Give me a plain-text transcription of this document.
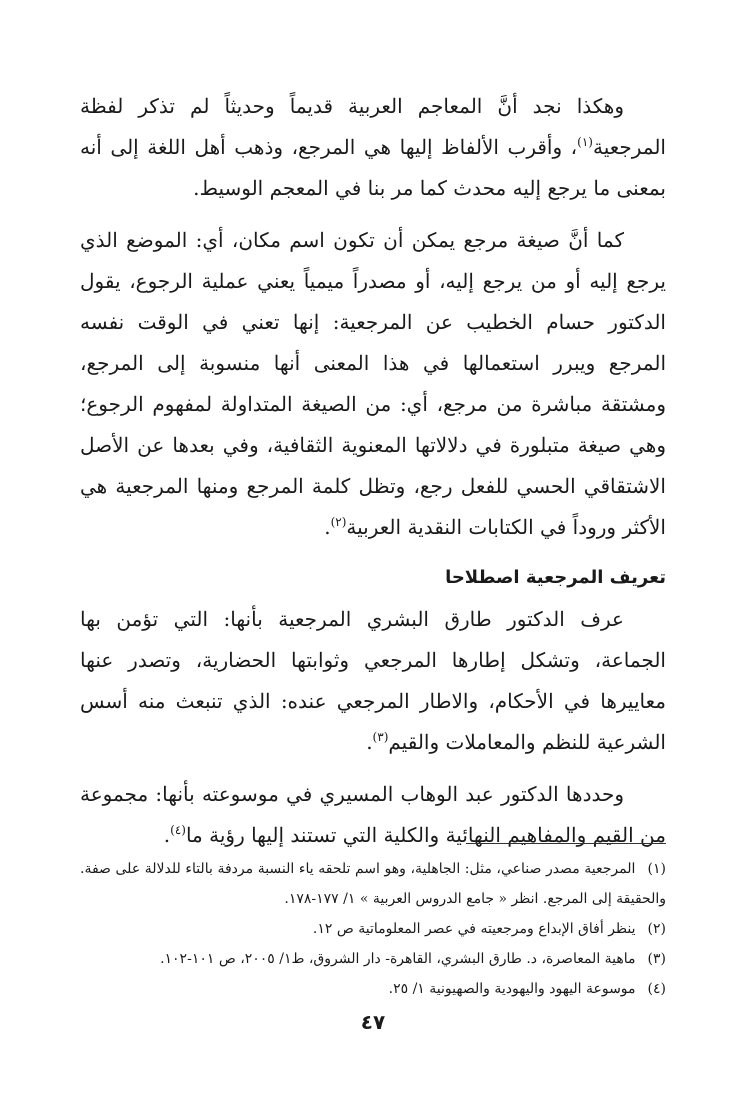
وهكذا نجد أنَّ المعاجم العربية قديماً وحديثاً لم تذكر لفظة المرجعية$^{(١)}$، وأقرب الألفاظ إليها هي المرجع، وذهب أهل اللغة إلى أنه بمعنى ما يرجع إليه محدث كما مر بنا في المعجم الوسيط.

كما أنَّ صيغة مرجع يمكن أن تكون اسم مكان، أي: الموضع الذي يرجع إليه أو من يرجع إليه، أو مصدراً ميمياً يعني عملية الرجوع، يقول الدكتور حسام الخطيب عن المرجعية: إنها تعني في الوقت نفسه المرجع ويبرر استعمالها في هذا المعنى أنها منسوبة إلى المرجع، ومشتقة مباشرة من مرجع، أي: من الصيغة المتداولة لمفهوم الرجوع؛ وهي صيغة متبلورة في دلالاتها المعنوية الثقافية، وفي بعدها عن الأصل الاشتقاقي الحسي للفعل رجع، وتظل كلمة المرجع ومنها المرجعية هي الأكثر وروداً في الكتابات النقدية العربية$^{(٢)}$.

تعريف المرجعية اصطلاحا

عرف الدكتور طارق البشري المرجعية بأنها: التي تؤمن بها الجماعة، وتشكل إطارها المرجعي وثوابتها الحضارية، وتصدر عنها معاييرها في الأحكام، والاطار المرجعي عنده: الذي تنبعث منه أسس الشرعية للنظم والمعاملات والقيم$^{(٣)}$.

وحددها الدكتور عبد الوهاب المسيري في موسوعته بأنها: مجموعة من القيم والمفاهيم النهائية والكلية التي تستند إليها رؤية ما$^{(٤)}$.

(١) المرجعية مصدر صناعي، مثل: الجاهلية، وهو اسم تلحقه ياء النسبة مردفة بالتاء للدلالة على صفة. والحقيقة إلى المرجع. انظر « جامع الدروس العربية » ١/ ١٧٧-١٧٨.

(٢) ينظر أفاق الإبداع ومرجعيته في عصر المعلوماتية ص ١٢.

(٣) ماهية المعاصرة، د. طارق البشري، القاهرة- دار الشروق، ط١/ ٢٠٠٥، ص ١٠١-١٠٢.

(٤) موسوعة اليهود واليهودية والصهيونية ١/ ٢٥.

٤٧
